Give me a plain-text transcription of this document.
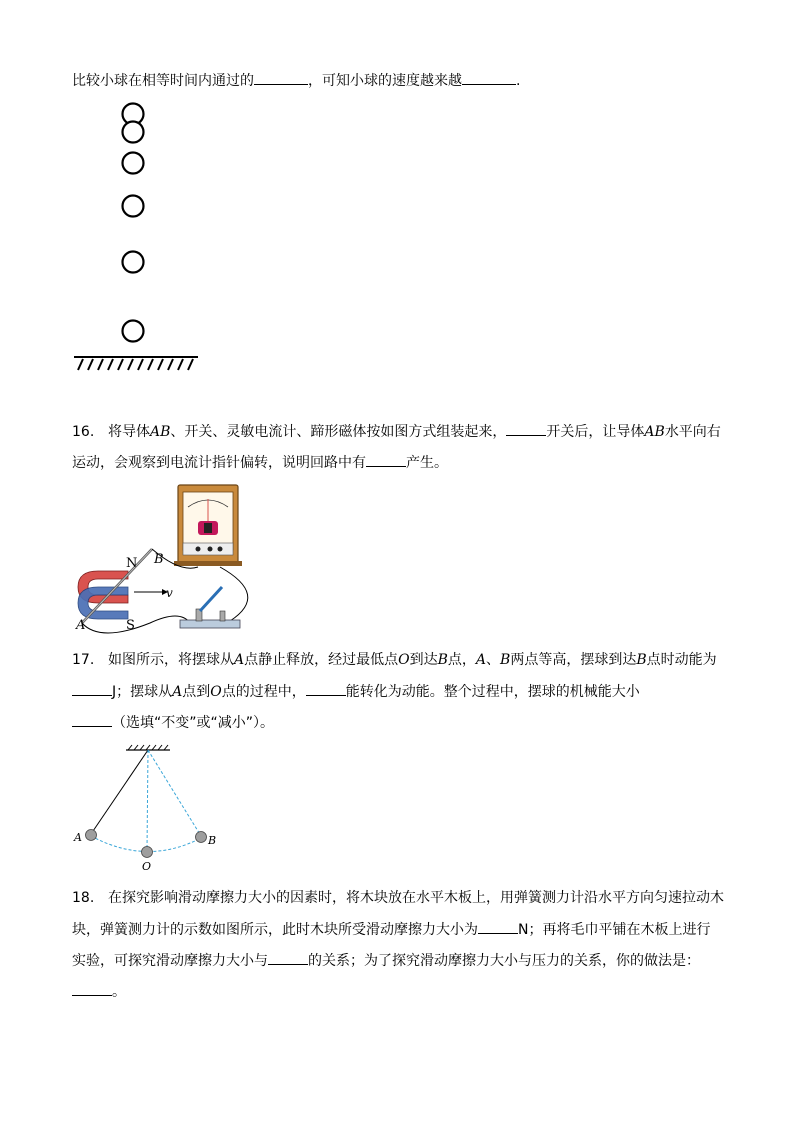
比较小球在相等时间内通过的	，可知小球的速度越来越	.
16. 将导体AB、开关、灵敏电流计、蹄形磁体按如图方式组装起来，	开关后，让导体AB水平向右
运动，会观察到电流计指针偏转，说明回路中有	产生。
N B
v
A	S
17. 如图所示，将摆球从A点静止释放，经过最低点O到达B点，A、B两点等高，摆球到达B点时动能为
J；摆球从A点到O点的过程中，	能转化为动能。整个过程中，摆球的机械能大小
（选填“不变”或“减小”）。
A
O
B
18. 在探究影响滑动摩擦力大小的因素时，将木块放在水平木板上，用弹簧测力计沿水平方向匀速拉动木
块，弹簧测力计的示数如图所示，此时木块所受滑动摩擦力大小为	N；再将毛巾平铺在木板上进行
实验，可探究滑动摩擦力大小与	的关系；为了探究滑动摩擦力大小与压力的关系，你的做法是：
。
